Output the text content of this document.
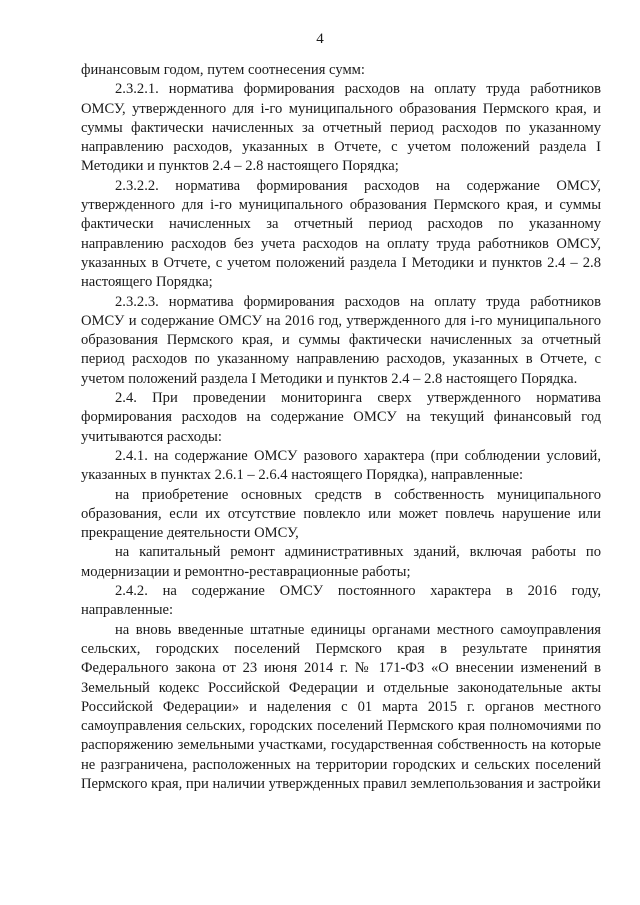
4

финансовым годом, путем соотнесения сумм:

2.3.2.1. норматива формирования расходов на оплату труда работников ОМСУ, утвержденного для i-го муниципального образования Пермского края, и суммы фактически начисленных за отчетный период расходов по указанному направлению расходов, указанных в Отчете, с учетом положений раздела I Методики и пунктов 2.4 – 2.8 настоящего Порядка;

2.3.2.2. норматива формирования расходов на содержание ОМСУ, утвержденного для i-го муниципального образования Пермского края, и суммы фактически начисленных за отчетный период расходов по указанному направлению расходов без учета расходов на оплату труда работников ОМСУ, указанных в Отчете, с учетом положений раздела I Методики и пунктов 2.4 – 2.8 настоящего Порядка;

2.3.2.3. норматива формирования расходов на оплату труда работников ОМСУ и содержание ОМСУ на 2016 год, утвержденного для i-го муниципального образования Пермского края, и суммы фактически начисленных за отчетный период расходов по указанному направлению расходов, указанных в Отчете, с учетом положений раздела I Методики и пунктов 2.4 – 2.8 настоящего Порядка.

2.4. При проведении мониторинга сверх утвержденного норматива формирования расходов на содержание ОМСУ на текущий финансовый год учитываются расходы:

2.4.1. на содержание ОМСУ разового характера (при соблюдении условий, указанных в пунктах 2.6.1 – 2.6.4 настоящего Порядка), направленные:

на приобретение основных средств в собственность муниципального образования, если их отсутствие повлекло или может повлечь нарушение или прекращение деятельности ОМСУ,

на капитальный ремонт административных зданий, включая работы по модернизации и ремонтно-реставрационные работы;

2.4.2. на содержание ОМСУ постоянного характера в 2016 году, направленные:

на вновь введенные штатные единицы органами местного самоуправления сельских, городских поселений Пермского края в результате принятия Федерального закона от 23 июня 2014 г. № 171-ФЗ «О внесении изменений в Земельный кодекс Российской Федерации и отдельные законодательные акты Российской Федерации» и наделения с 01 марта 2015 г. органов местного самоуправления сельских, городских поселений Пермского края полномочиями по распоряжению земельными участками, государственная собственность на которые не разграничена, расположенных на территории городских и сельских поселений Пермского края, при наличии утвержденных правил землепользования и застройки
